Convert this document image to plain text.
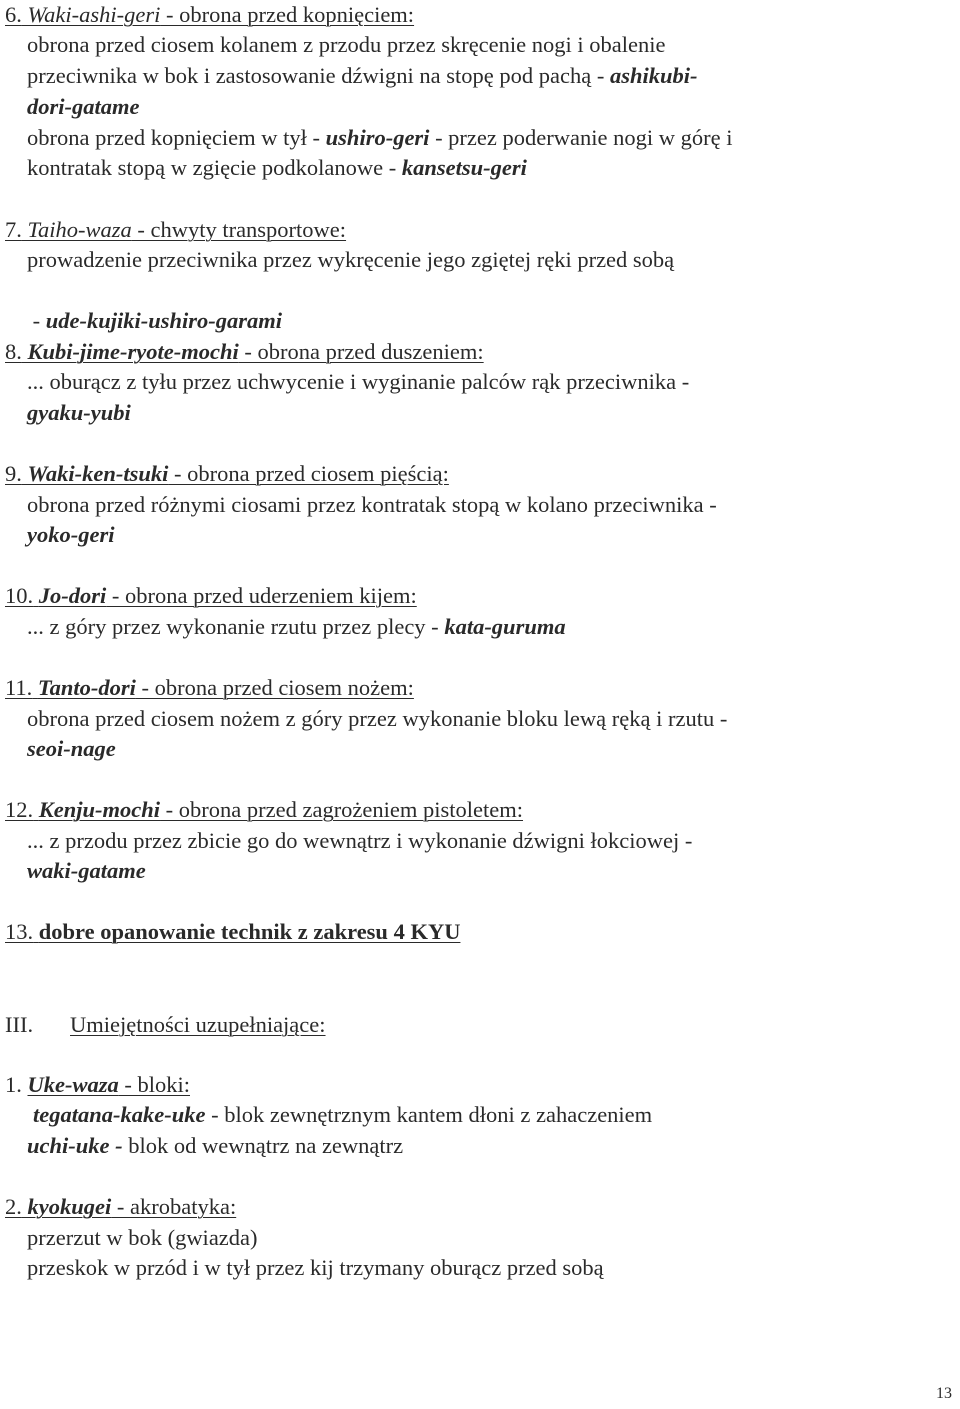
6. Waki-ashi-geri - obrona przed kopnięciem:
obrona przed ciosem kolanem z przodu przez skręcenie nogi i obalenie
przeciwnika w bok i zastosowanie dźwigni na stopę pod pachą - ashikubi-
dori-gatame
obrona przed kopnięciem w tył - ushiro-geri - przez poderwanie nogi w górę i
kontratak stopą w zgięcie podkolanowe - kansetsu-geri
7. Taiho-waza - chwyty transportowe:
prowadzenie przeciwnika przez wykręcenie jego zgiętej ręki przed sobą

- ude-kujiki-ushiro-garami
8. Kubi-jime-ryote-mochi - obrona przed duszeniem:
... oburącz z tyłu przez uchwycenie i wyginanie palców rąk przeciwnika -
gyaku-yubi
9. Waki-ken-tsuki - obrona przed ciosem pięścią:
obrona przed różnymi ciosami przez kontratak stopą w kolano przeciwnika -
yoko-geri
10. Jo-dori - obrona przed uderzeniem kijem:
... z góry przez wykonanie rzutu przez plecy - kata-guruma
11. Tanto-dori - obrona przed ciosem nożem:
obrona przed ciosem nożem z góry przez wykonanie bloku lewą ręką i rzutu -
seoi-nage
12. Kenju-mochi - obrona przed zagrożeniem pistoletem:
... z przodu przez zbicie go do wewnątrz i wykonanie dźwigni łokciowej -
waki-gatame
13. dobre opanowanie technik z zakresu 4 KYU
III.	Umiejętności uzupełniające:
1. Uke-waza - bloki:
tegatana-kake-uke - blok zewnętrznym kantem dłoni z zahaczeniem
uchi-uke - blok od wewnątrz na zewnątrz
2. kyokugei - akrobatyka:
przerzut w bok (gwiazda)
przeskok w przód i w tył przez kij trzymany oburącz przed sobą
13
